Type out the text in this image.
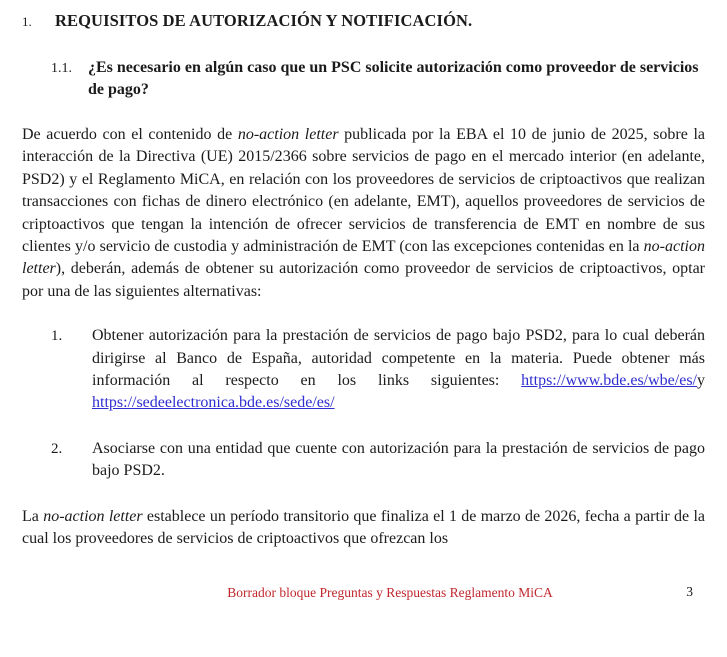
1.	REQUISITOS DE AUTORIZACIÓN Y NOTIFICACIÓN.
1.1.	¿Es necesario en algún caso que un PSC solicite autorización como proveedor de servicios de pago?

De acuerdo con el contenido de no-action letter publicada por la EBA el 10 de junio de 2025, sobre la interacción de la Directiva (UE) 2015/2366 sobre servicios de pago en el mercado interior (en adelante, PSD2) y el Reglamento MiCA, en relación con los proveedores de servicios de criptoactivos que realizan transacciones con fichas de dinero electrónico (en adelante, EMT), aquellos proveedores de servicios de criptoactivos que tengan la intención de ofrecer servicios de transferencia de EMT en nombre de sus clientes y/o servicio de custodia y administración de EMT (con las excepciones contenidas en la no-action letter), deberán, además de obtener su autorización como proveedor de servicios de criptoactivos, optar por una de las siguientes alternativas:

1.	Obtener autorización para la prestación de servicios de pago bajo PSD2, para lo cual deberán dirigirse al Banco de España, autoridad competente en la materia. Puede obtener más información al respecto en los links siguientes: https://www.bde.es/wbe/es/y https://sedeelectronica.bde.es/sede/es/
2.	Asociarse con una entidad que cuente con autorización para la prestación de servicios de pago bajo PSD2.

La no-action letter establece un período transitorio que finaliza el 1 de marzo de 2026, fecha a partir de la cual los proveedores de servicios de criptoactivos que ofrezcan los

Borrador bloque Preguntas y Respuestas Reglamento MiCA	3
